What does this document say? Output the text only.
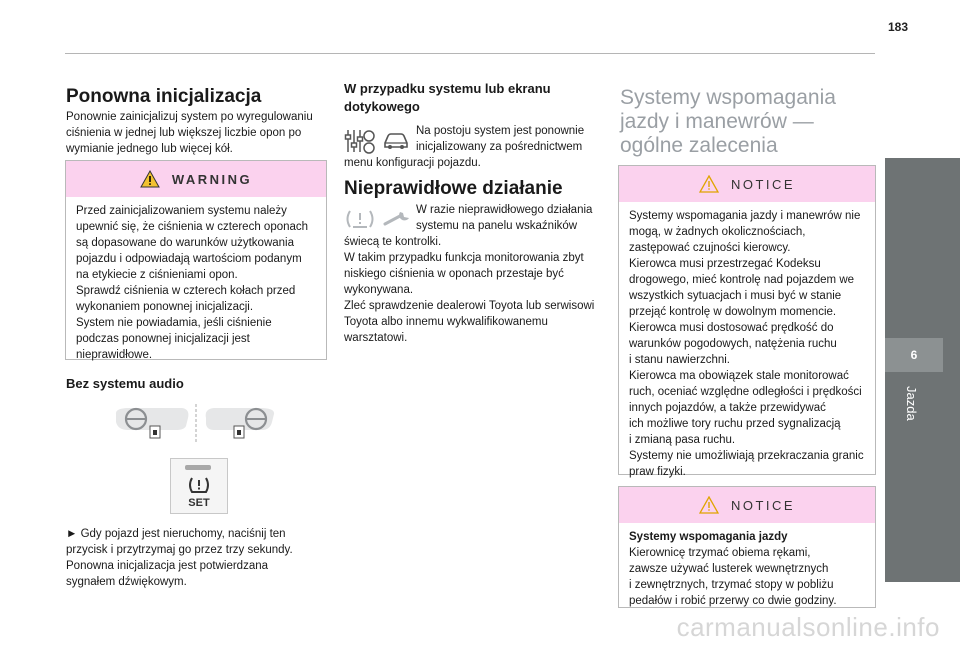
183
6
Jazda
Ponowna inicjalizacja
Ponownie zainicjalizuj system po wyregulowaniu ciśnienia w jednej lub większej liczbie opon po wymianie jednego lub więcej kół.
WARNING
Przed zainicjalizowaniem systemu należy
upewnić się, że ciśnienia w czterech oponach
są dopasowane do warunków użytkowania
pojazdu i odpowiadają wartościom podanym
na etykiecie z ciśnieniami opon.
Sprawdź ciśnienia w czterech kołach przed
wykonaniem ponownej inicjalizacji.
System nie powiadamia, jeśli ciśnienie
podczas ponownej inicjalizacji jest
nieprawidłowe.
Bez systemu audio
SET
► Gdy pojazd jest nieruchomy, naciśnij ten
przycisk i przytrzymaj go przez trzy sekundy.
Ponowna inicjalizacja jest potwierdzana
sygnałem dźwiękowym.
W przypadku systemu lub ekranu
dotykowego
Na postoju system jest ponownie
inicjalizowany za pośrednictwem
menu konfiguracji pojazdu.
Nieprawidłowe działanie
W razie nieprawidłowego działania
systemu na panelu wskaźników
świecą te kontrolki.
W takim przypadku funkcja monitorowania zbyt
niskiego ciśnienia w oponach przestaje być
wykonywana.
Zleć sprawdzenie dealerowi Toyota lub serwisowi
Toyota albo innemu wykwalifikowanemu
warsztatowi.
Systemy wspomagania
jazdy i manewrów —
ogólne zalecenia
NOTICE
Systemy wspomagania jazdy i manewrów nie
mogą, w żadnych okolicznościach,
zastępować czujności kierowcy.
Kierowca musi przestrzegać Kodeksu
drogowego, mieć kontrolę nad pojazdem we
wszystkich sytuacjach i musi być w stanie
przejąć kontrolę w dowolnym momencie.
Kierowca musi dostosować prędkość do
warunków pogodowych, natężenia ruchu
i stanu nawierzchni.
Kierowca ma obowiązek stale monitorować
ruch, oceniać względne odległości i prędkości
innych pojazdów, a także przewidywać
ich możliwe tory ruchu przed sygnalizacją
i zmianą pasa ruchu.
Systemy nie umożliwiają przekraczania granic
praw fizyki.
NOTICE
Systemy wspomagania jazdy
Kierownicę trzymać obiema rękami,
zawsze używać lusterek wewnętrznych
i zewnętrznych, trzymać stopy w pobliżu
pedałów i robić przerwy co dwie godziny.
carmanualsonline.info
